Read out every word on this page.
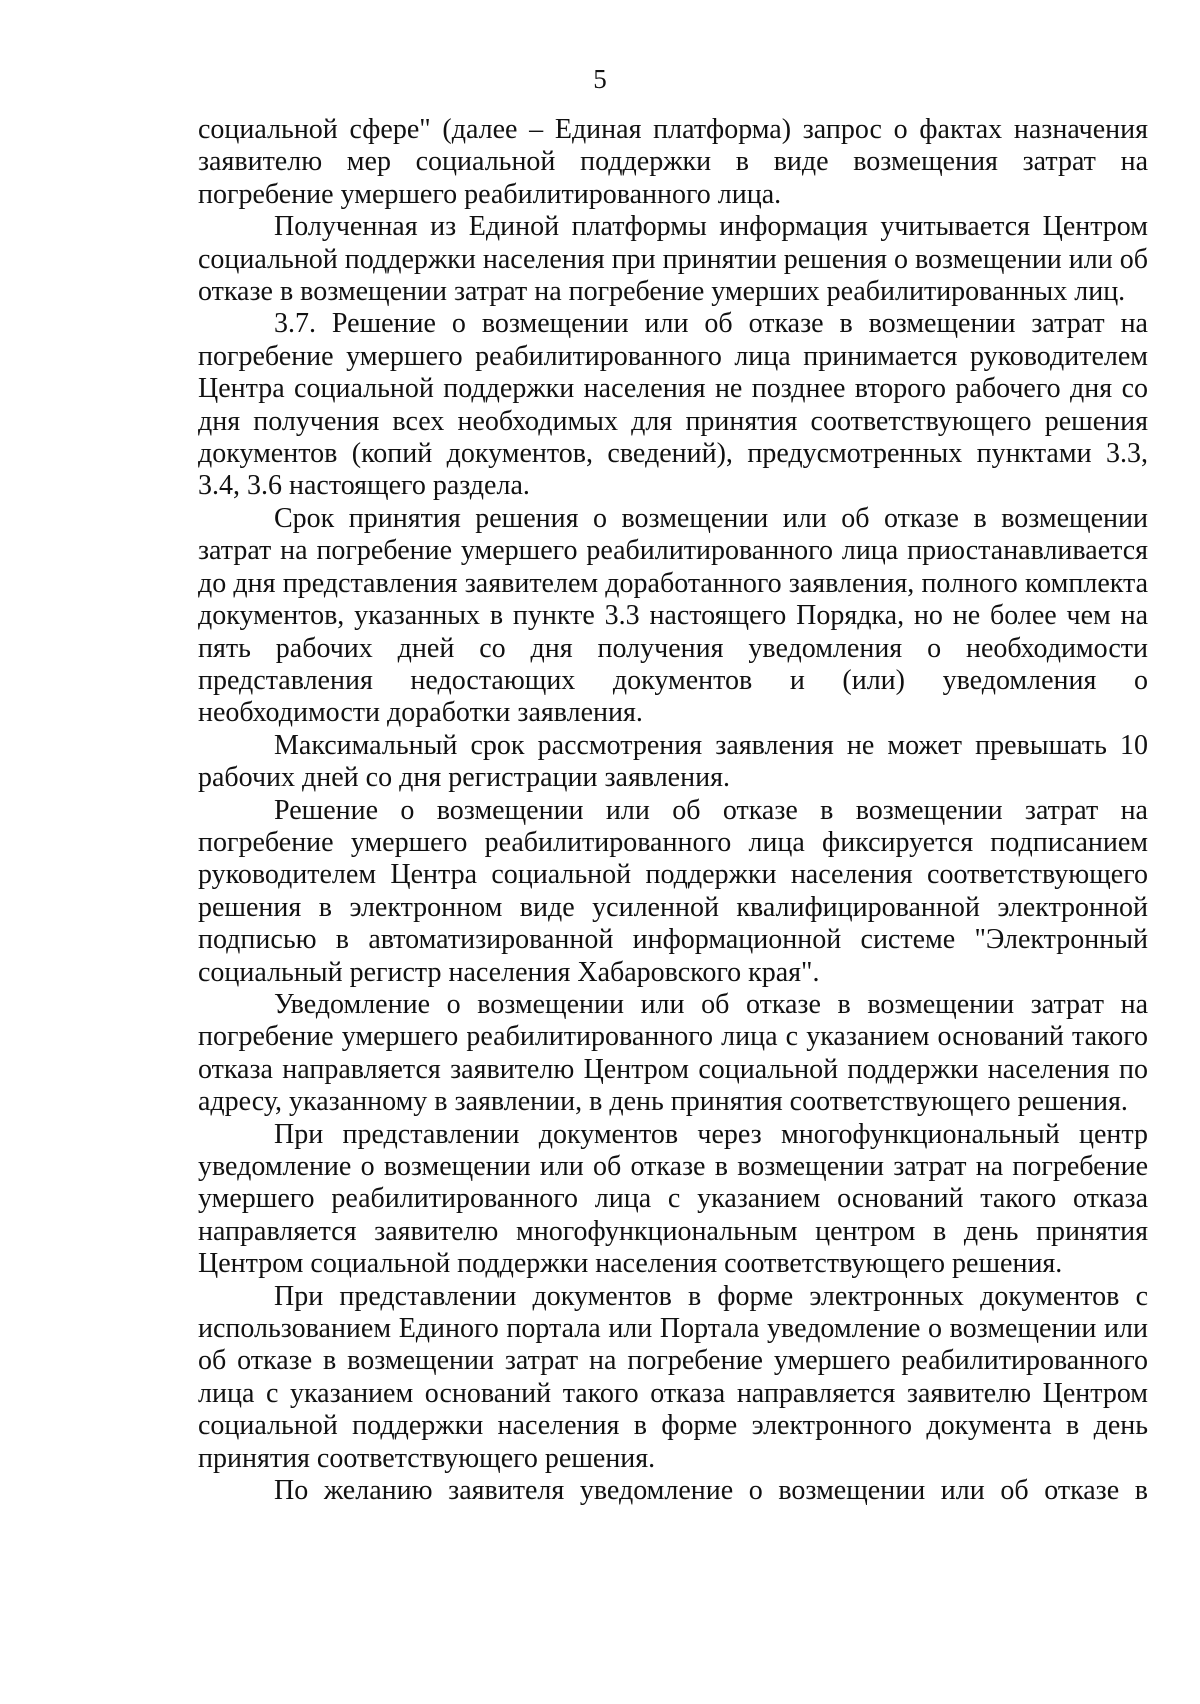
5

социальной сфере" (далее – Единая платформа) запрос о фактах назначения заявителю мер социальной поддержки в виде возмещения затрат на погребение умершего реабилитированного лица.

Полученная из Единой платформы информация учитывается Центром социальной поддержки населения при принятии решения о возмещении или об отказе в возмещении затрат на погребение умерших реабилитированных лиц.

3.7. Решение о возмещении или об отказе в возмещении затрат на погребение умершего реабилитированного лица принимается руководителем Центра социальной поддержки населения не позднее второго рабочего дня со дня получения всех необходимых для принятия соответствующего решения документов (копий документов, сведений), предусмотренных пунктами 3.3, 3.4, 3.6 настоящего раздела.

Срок принятия решения о возмещении или об отказе в возмещении затрат на погребение умершего реабилитированного лица приостанавливается до дня представления заявителем доработанного заявления, полного комплекта документов, указанных в пункте 3.3 настоящего Порядка, но не более чем на пять рабочих дней со дня получения уведомления о необходимости представления недостающих документов и (или) уведомления о необходимости доработки заявления.

Максимальный срок рассмотрения заявления не может превышать 10 рабочих дней со дня регистрации заявления.

Решение о возмещении или об отказе в возмещении затрат на погребение умершего реабилитированного лица фиксируется подписанием руководителем Центра социальной поддержки населения соответствующего решения в электронном виде усиленной квалифицированной электронной подписью в автоматизированной информационной системе "Электронный социальный регистр населения Хабаровского края".

Уведомление о возмещении или об отказе в возмещении затрат на погребение умершего реабилитированного лица с указанием оснований такого отказа направляется заявителю Центром социальной поддержки населения по адресу, указанному в заявлении, в день принятия соответствующего решения.

При представлении документов через многофункциональный центр уведомление о возмещении или об отказе в возмещении затрат на погребение умершего реабилитированного лица с указанием оснований такого отказа направляется заявителю многофункциональным центром в день принятия Центром социальной поддержки населения соответствующего решения.

При представлении документов в форме электронных документов с использованием Единого портала или Портала уведомление о возмещении или об отказе в возмещении затрат на погребение умершего реабилитированного лица с указанием оснований такого отказа направляется заявителю Центром социальной поддержки населения в форме электронного документа в день принятия соответствующего решения.

По желанию заявителя уведомление о возмещении или об отказе в
